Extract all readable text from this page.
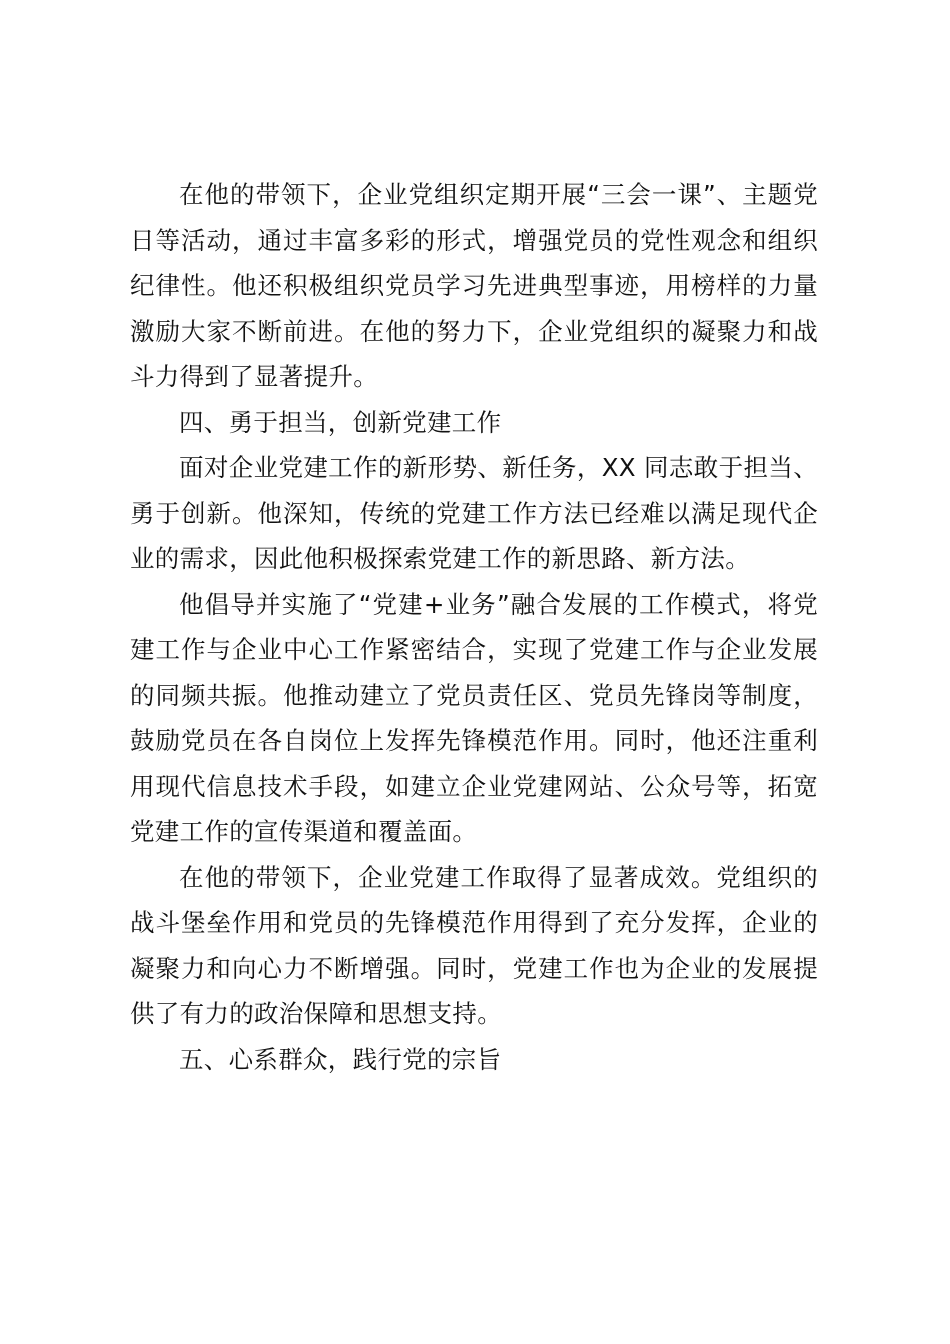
在他的带领下，企业党组织定期开展“三会一课”、主题党日等活动，通过丰富多彩的形式，增强党员的党性观念和组织纪律性。他还积极组织党员学习先进典型事迹，用榜样的力量激励大家不断前进。在他的努力下，企业党组织的凝聚力和战斗力得到了显著提升。

四、勇于担当，创新党建工作

面对企业党建工作的新形势、新任务，XX 同志敢于担当、勇于创新。他深知，传统的党建工作方法已经难以满足现代企业的需求，因此他积极探索党建工作的新思路、新方法。

他倡导并实施了“党建+业务”融合发展的工作模式，将党建工作与企业中心工作紧密结合，实现了党建工作与企业发展的同频共振。他推动建立了党员责任区、党员先锋岗等制度，鼓励党员在各自岗位上发挥先锋模范作用。同时，他还注重利用现代信息技术手段，如建立企业党建网站、公众号等，拓宽党建工作的宣传渠道和覆盖面。

在他的带领下，企业党建工作取得了显著成效。党组织的战斗堡垒作用和党员的先锋模范作用得到了充分发挥，企业的凝聚力和向心力不断增强。同时，党建工作也为企业的发展提供了有力的政治保障和思想支持。

五、心系群众，践行党的宗旨
